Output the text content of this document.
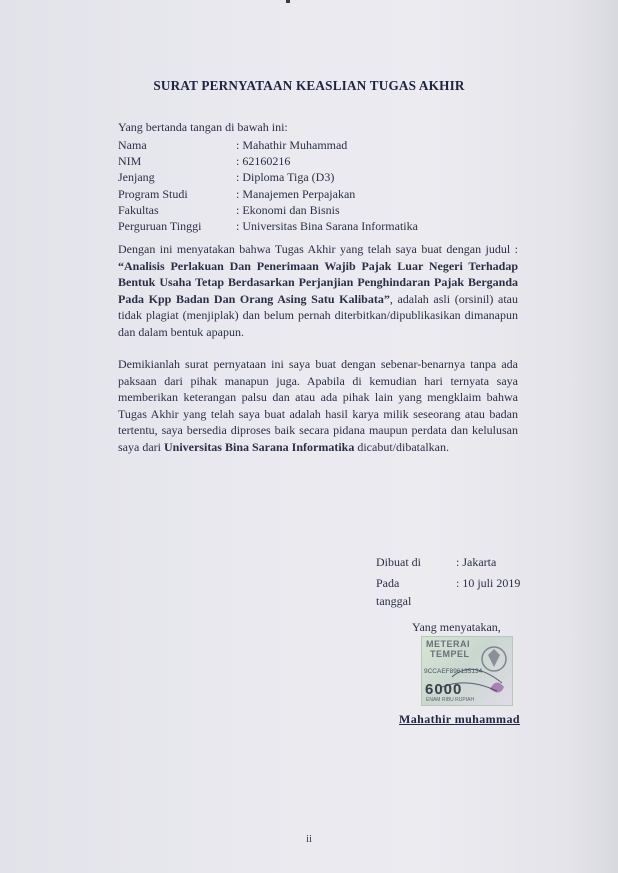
SURAT PERNYATAAN KEASLIAN TUGAS AKHIR
Yang bertanda tangan di bawah ini:
Nama	: Mahathir Muhammad
NIM	: 62160216
Jenjang	: Diploma Tiga (D3)
Program Studi	: Manajemen Perpajakan
Fakultas	: Ekonomi dan Bisnis
Perguruan Tinggi	: Universitas Bina Sarana Informatika
Dengan ini menyatakan bahwa Tugas Akhir yang telah saya buat dengan judul : “Analisis Perlakuan Dan Penerimaan Wajib Pajak Luar Negeri Terhadap Bentuk Usaha Tetap Berdasarkan Perjanjian Penghindaran Pajak Berganda Pada Kpp Badan Dan Orang Asing Satu Kalibata”, adalah asli (orsinil) atau tidak plagiat (menjiplak) dan belum pernah diterbitkan/dipublikasikan dimanapun dan dalam bentuk apapun.
Demikianlah surat pernyataan ini saya buat dengan sebenar-benarnya tanpa ada paksaan dari pihak manapun juga. Apabila di kemudian hari ternyata saya memberikan keterangan palsu dan atau ada pihak lain yang mengklaim bahwa Tugas Akhir yang telah saya buat adalah hasil karya milik seseorang atau badan tertentu, saya bersedia diproses baik secara pidana maupun perdata dan kelulusan saya dari Universitas Bina Sarana Informatika dicabut/dibatalkan.
Dibuat di	: Jakarta
Pada	: 10 juli 2019
tanggal
Yang menyatakan,
METERAI
TEMPEL
9CCAEF896135134
6000
ENAM RIBU RUPIAH
Mahathir muhammad
ii
